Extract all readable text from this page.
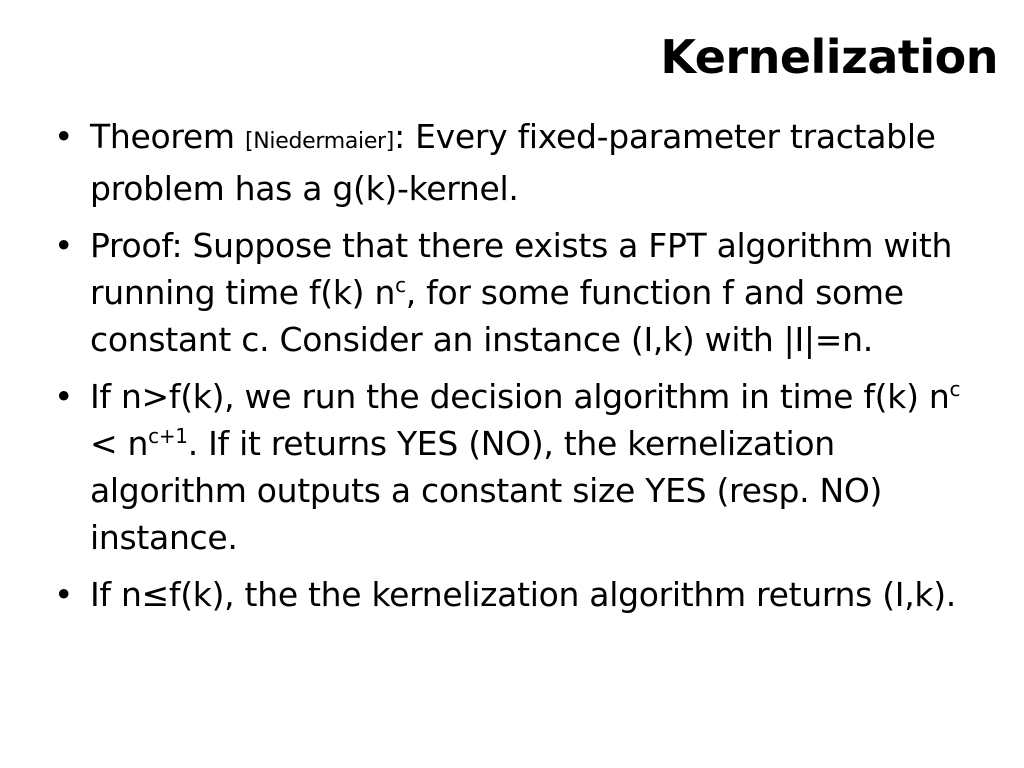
Kernelization
• Theorem [Niedermaier]: Every fixed-parameter tractable problem has a g(k)-kernel.
• Proof: Suppose that there exists a FPT algorithm with running time f(k) $n^c$, for some function f and some constant c. Consider an instance (I,k) with |I|=n.
• If n>f(k), we run the decision algorithm in time f(k) $n^c < n^{c+1}$. If it returns YES (NO), the kernelization algorithm outputs a constant size YES (resp. NO) instance.
• If n≤f(k), the the kernelization algorithm returns (I,k).
